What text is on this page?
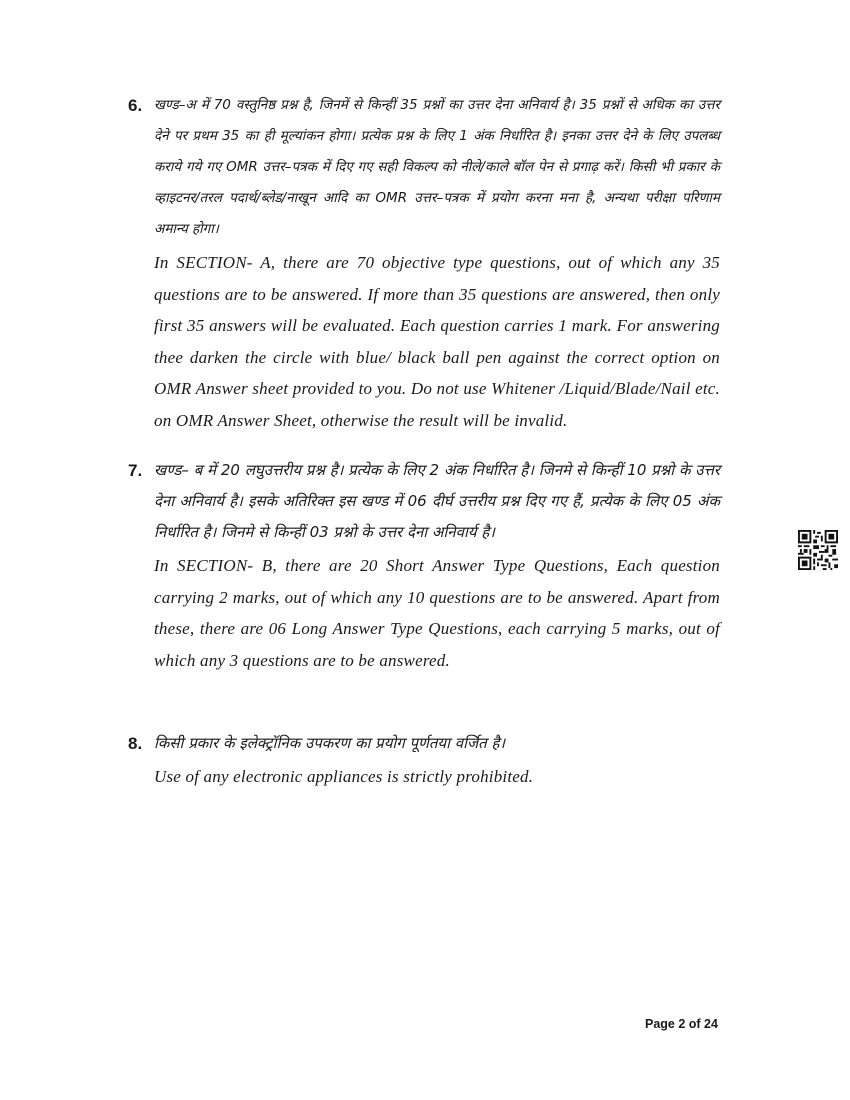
6. खण्ड–अ में 70 वस्तुनिष्ठ प्रश्न है, जिनमें से किन्हीं 35 प्रश्नों का उत्तर देना अनिवार्य है। 35 प्रश्नों से अधिक का उत्तर देने पर प्रथम 35 का ही मूल्यांकन होगा। प्रत्येक प्रश्न के लिए 1 अंक निर्धारित है। इनका उत्तर देने के लिए उपलब्ध कराये गये गए OMR उत्तर–पत्रक में दिए गए सही विकल्प को नीले/काले बॉल पेन से प्रगाढ़ करें। किसी भी प्रकार के व्हाइटनर/तरल पदार्थ/ब्लेड/नाखून आदि का OMR उत्तर–पत्रक में प्रयोग करना मना है, अन्यथा परीक्षा परिणाम अमान्य होगा।

In SECTION- A, there are 70 objective type questions, out of which any 35 questions are to be answered. If more than 35 questions are answered, then only first 35 answers will be evaluated. Each question carries 1 mark. For answering thee darken the circle with blue/ black ball pen against the correct option on OMR Answer sheet provided to you. Do not use Whitener /Liquid/Blade/Nail etc. on OMR Answer Sheet, otherwise the result will be invalid.

7. खण्ड– ब में 20 लघुउत्तरीय प्रश्न है। प्रत्येक के लिए 2 अंक निर्धारित है। जिनमे से किन्हीं 10 प्रश्नो के उत्तर देना अनिवार्य है। इसके अतिरिक्त इस खण्ड में 06 दीर्घ उत्तरीय प्रश्न दिए गए हैं, प्रत्येक के लिए 05 अंक निर्धारित है। जिनमे से किन्हीं 03 प्रश्नो के उत्तर देना अनिवार्य है।

In SECTION- B, there are 20 Short Answer Type Questions, Each question carrying 2 marks, out of which any 10 questions are to be answered. Apart from these, there are 06 Long Answer Type Questions, each carrying 5 marks, out of which any 3 questions are to be answered.

8. किसी प्रकार के इलेक्ट्रॉनिक उपकरण का प्रयोग पूर्णतया वर्जित है।

Use of any electronic appliances is strictly prohibited.

Page 2 of 24
